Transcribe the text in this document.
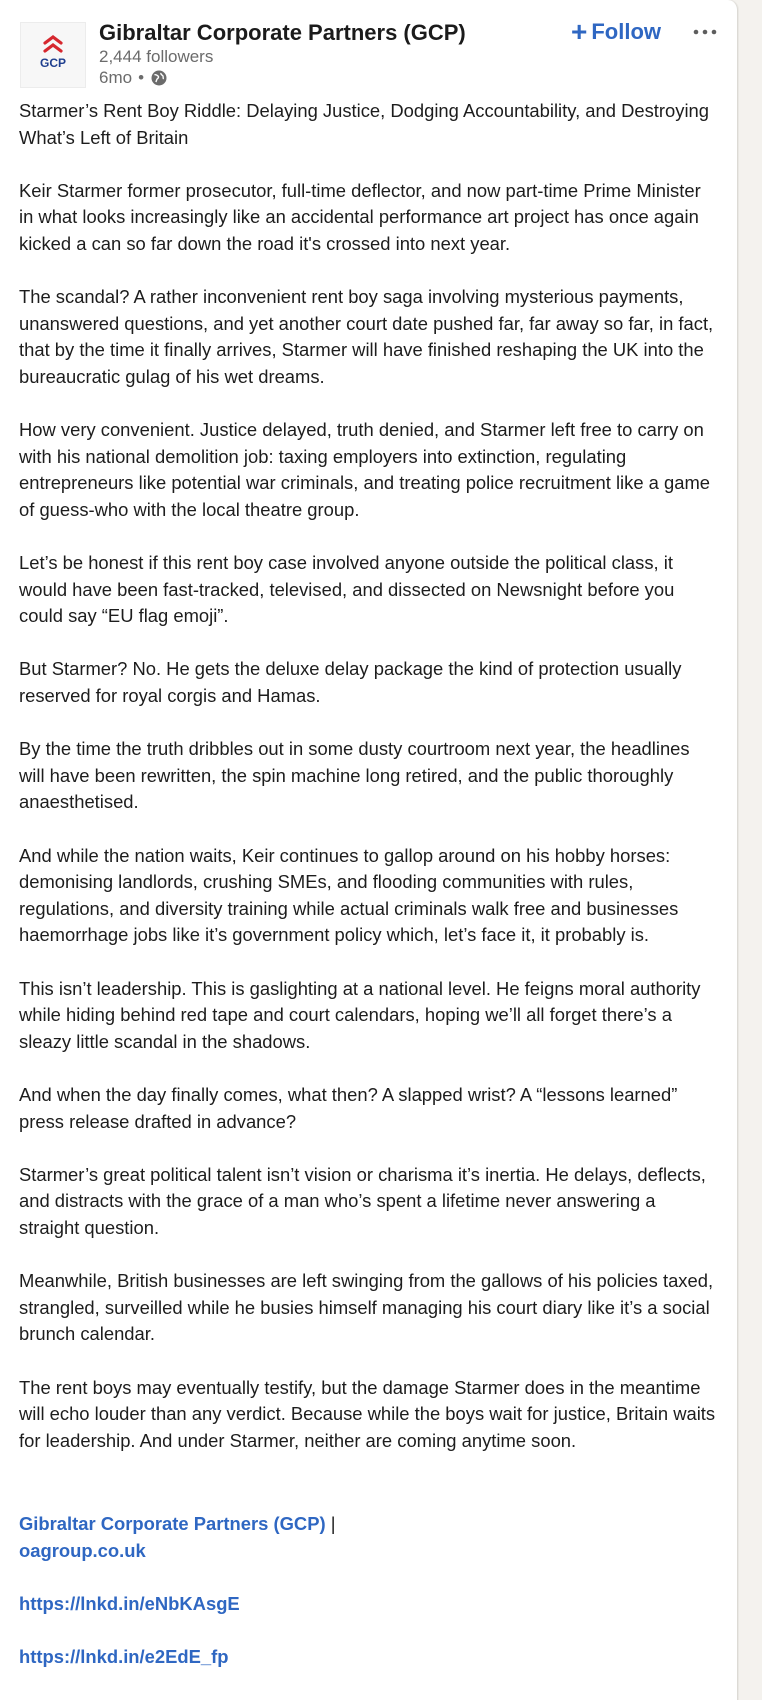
GCP
Gibraltar Corporate Partners (GCP)
2,444 followers
6mo •
+ Follow

Starmer’s Rent Boy Riddle: Delaying Justice, Dodging Accountability, and Destroying What’s Left of Britain

Keir Starmer former prosecutor, full-time deflector, and now part-time Prime Minister in what looks increasingly like an accidental performance art project has once again kicked a can so far down the road it's crossed into next year.

The scandal? A rather inconvenient rent boy saga involving mysterious payments, unanswered questions, and yet another court date pushed far, far away so far, in fact, that by the time it finally arrives, Starmer will have finished reshaping the UK into the bureaucratic gulag of his wet dreams.

How very convenient. Justice delayed, truth denied, and Starmer left free to carry on with his national demolition job: taxing employers into extinction, regulating entrepreneurs like potential war criminals, and treating police recruitment like a game of guess-who with the local theatre group.

Let’s be honest if this rent boy case involved anyone outside the political class, it would have been fast-tracked, televised, and dissected on Newsnight before you could say “EU flag emoji”.

But Starmer? No. He gets the deluxe delay package the kind of protection usually reserved for royal corgis and Hamas.

By the time the truth dribbles out in some dusty courtroom next year, the headlines will have been rewritten, the spin machine long retired, and the public thoroughly anaesthetised.

And while the nation waits, Keir continues to gallop around on his hobby horses: demonising landlords, crushing SMEs, and flooding communities with rules, regulations, and diversity training while actual criminals walk free and businesses haemorrhage jobs like it’s government policy which, let’s face it, it probably is.

This isn’t leadership. This is gaslighting at a national level. He feigns moral authority while hiding behind red tape and court calendars, hoping we’ll all forget there’s a sleazy little scandal in the shadows.

And when the day finally comes, what then? A slapped wrist? A “lessons learned” press release drafted in advance?

Starmer’s great political talent isn’t vision or charisma it’s inertia. He delays, deflects, and distracts with the grace of a man who’s spent a lifetime never answering a straight question.

Meanwhile, British businesses are left swinging from the gallows of his policies taxed, strangled, surveilled while he busies himself managing his court diary like it’s a social brunch calendar.

The rent boys may eventually testify, but the damage Starmer does in the meantime will echo louder than any verdict. Because while the boys wait for justice, Britain waits for leadership. And under Starmer, neither are coming anytime soon.

Gibraltar Corporate Partners (GCP) |
oagroup.co.uk
https://lnkd.in/eNbKAsgE
https://lnkd.in/e2EdE_fp
